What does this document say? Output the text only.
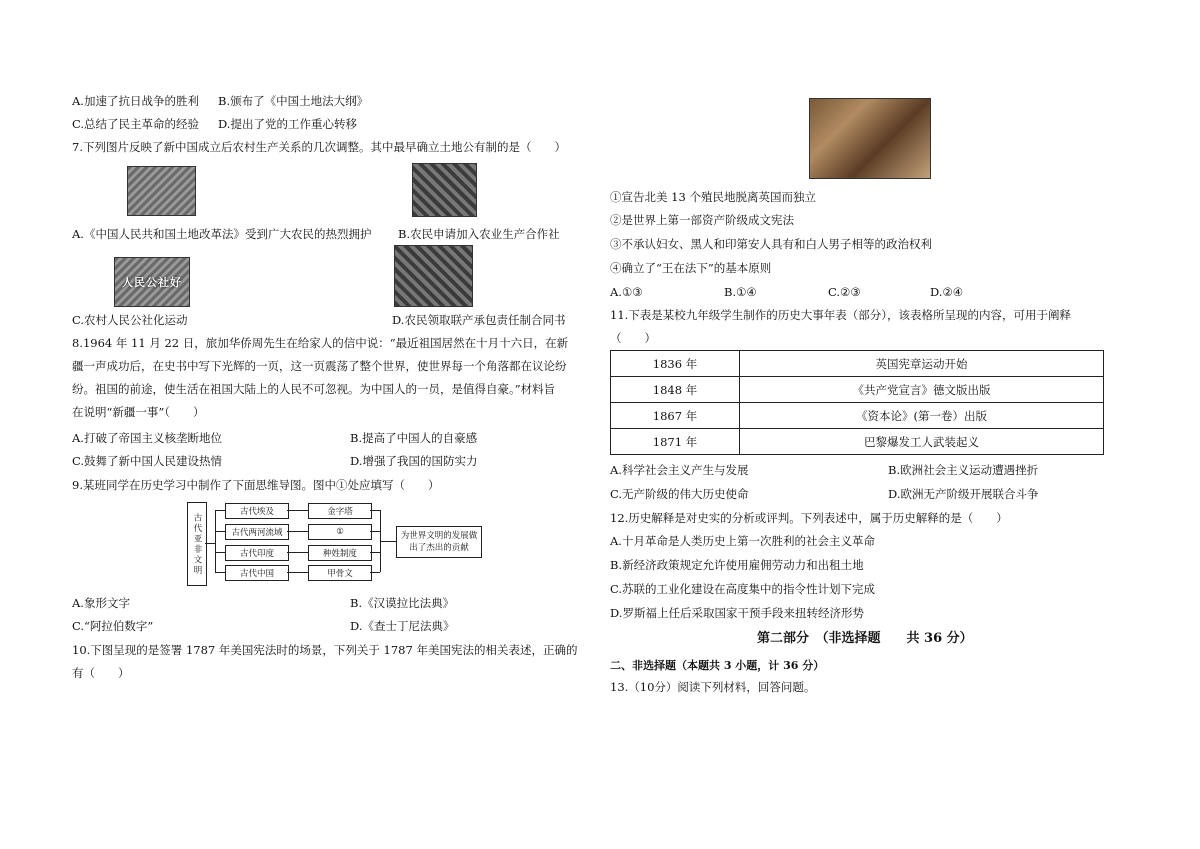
A.加速了抗日战争的胜利 B.颁布了《中国土地法大纲》
C.总结了民主革命的经验 D.提出了党的工作重心转移
7.下列图片反映了新中国成立后农村生产关系的几次调整。其中最早确立土地公有制的是（　　）
A.《中国人民共和国土地改革法》受到广大农民的热烈拥护 B.农民申请加入农业生产合作社
人民公社好
C.农村人民公社化运动	D.农民领取联产承包责任制合同书
8.1964 年 11 月 22 日，旅加华侨周先生在给家人的信中说：“最近祖国居然在十月十六日，在新
疆一声成功后，在史书中写下光辉的一页，这一页震荡了整个世界，使世界每一个角落都在议论纷
纷。祖国的前途，使生活在祖国大陆上的人民不可忽视。为中国人的一员，是值得自豪。”材料旨
在说明“新疆一事”（　　）
A.打破了帝国主义核垄断地位	B.提高了中国人的自豪感
C.鼓舞了新中国人民建设热情	D.增强了我国的国防实力
9.某班同学在历史学习中制作了下面思维导图。图中①处应填写（　　）
古代亚非文明
古代埃及
古代两河流域
古代印度
古代中国
金字塔
①
种姓制度
甲骨文
为世界文明的发展做出了杰出的贡献
A.象形文字	B.《汉谟拉比法典》
C.“阿拉伯数字”	D.《查士丁尼法典》
10.下图呈现的是签署 1787 年美国宪法时的场景，下列关于 1787 年美国宪法的相关表述，正确的
有（　　）
①宣告北美 13 个殖民地脱离英国而独立
②是世界上第一部资产阶级成文宪法
③不承认妇女、黑人和印第安人具有和白人男子相等的政治权利
④确立了“王在法下”的基本原则
A.①③	B.①④	C.②③	D.②④
11.下表是某校九年级学生制作的历史大事年表（部分），该表格所呈现的内容，可用于阐释
（　　）
1836 年	英国宪章运动开始
1848 年	《共产党宣言》德文版出版
1867 年	《资本论》(第一卷）出版
1871 年	巴黎爆发工人武装起义
A.科学社会主义产生与发展	B.欧洲社会主义运动遭遇挫折
C.无产阶级的伟大历史使命	D.欧洲无产阶级开展联合斗争
12.历史解释是对史实的分析或评判。下列表述中，属于历史解释的是（　　）
A.十月革命是人类历史上第一次胜利的社会主义革命
B.新经济政策规定允许使用雇佣劳动力和出租土地
C.苏联的工业化建设在高度集中的指令性计划下完成
D.罗斯福上任后采取国家干预手段来扭转经济形势
第二部分　（非选择题　　共 36 分）
二、非选择题（本题共 3 小题，计 36 分）
13.（10分）阅读下列材料，回答问题。
